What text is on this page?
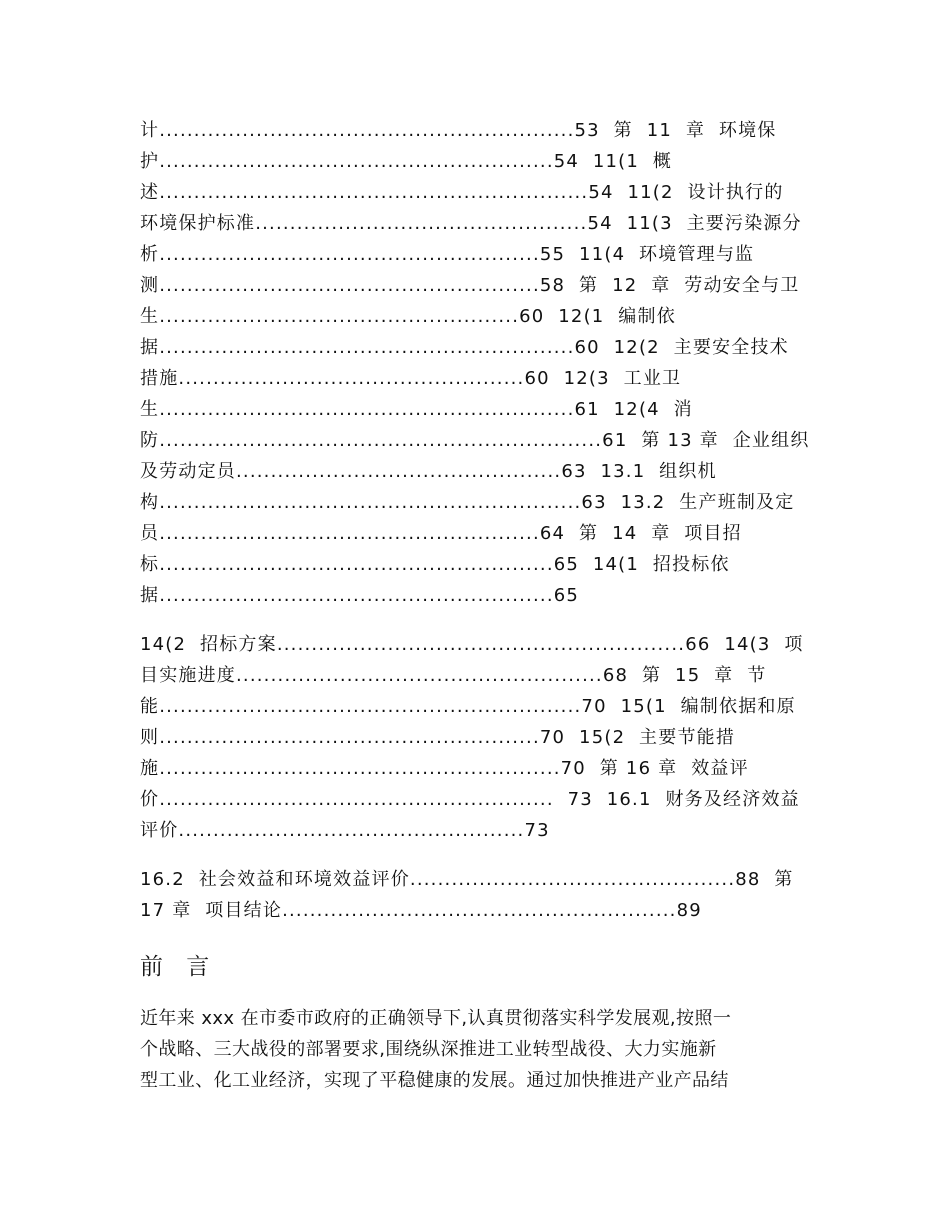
计............................................................53  第  11  章  环境保
护.........................................................54  11(1  概
述..............................................................54  11(2  设计执行的
环境保护标准................................................54  11(3  主要污染源分
析.......................................................55  11(4  环境管理与监
测.......................................................58  第  12  章  劳动安全与卫
生....................................................60  12(1  编制依
据............................................................60  12(2  主要安全技术
措施..................................................60  12(3  工业卫
生............................................................61  12(4  消
防................................................................61  第 13 章  企业组织
及劳动定员...............................................63  13.1  组织机
构.............................................................63  13.2  生产班制及定
员.......................................................64  第  14  章  项目招
标.........................................................65  14(1  招投标依
据.........................................................65
14(2  招标方案...........................................................66  14(3  项
目实施进度.....................................................68  第  15  章  节
能.............................................................70  15(1  编制依据和原
则.......................................................70  15(2  主要节能措
施..........................................................70  第 16 章  效益评
价.........................................................  73  16.1  财务及经济效益
评价..................................................73
16.2  社会效益和环境效益评价...............................................88  第
17 章  项目结论.........................................................89
前 言
近年来 xxx 在市委市政府的正确领导下,认真贯彻落实科学发展观,按照一
个战略、三大战役的部署要求,围绕纵深推进工业转型战役、大力实施新
型工业、化工业经济，实现了平稳健康的发展。通过加快推进产业产品结
